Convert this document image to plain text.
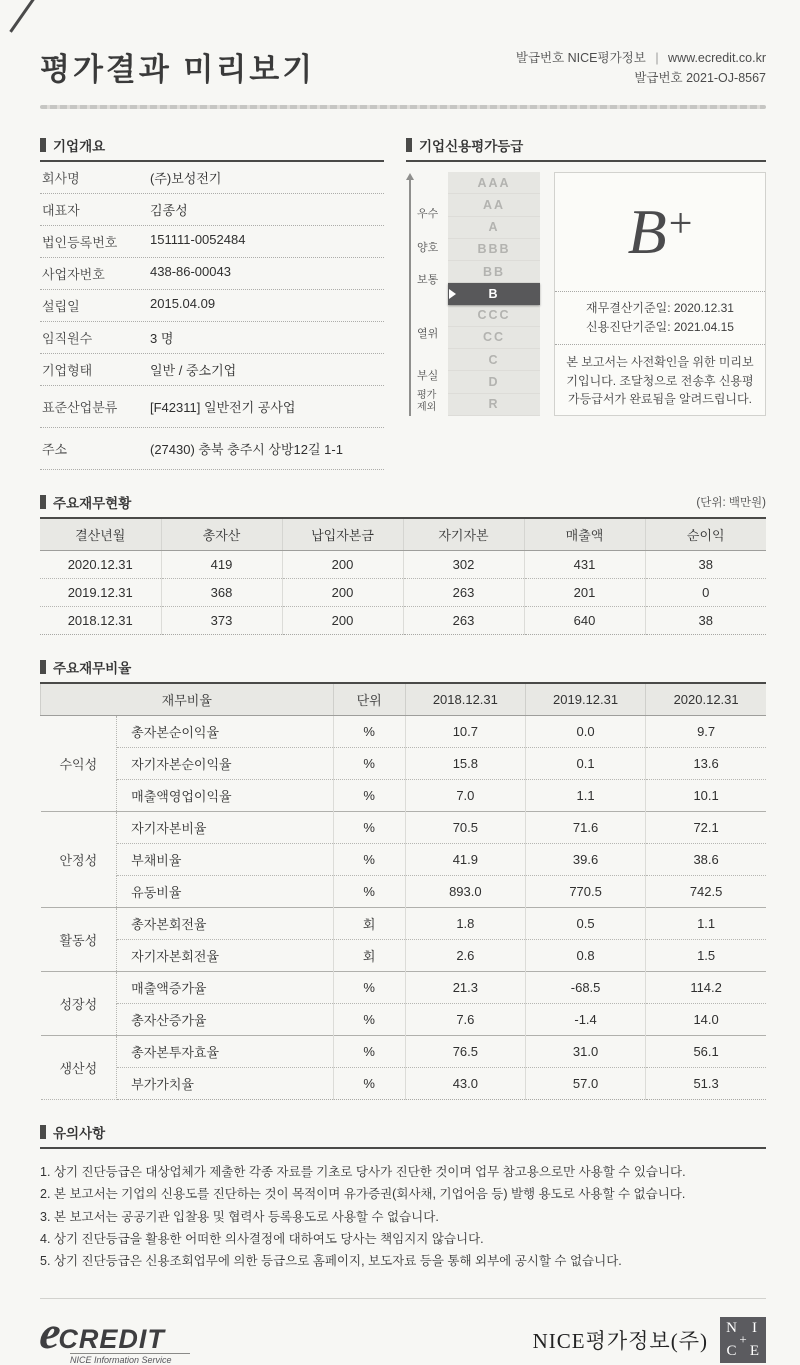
평가결과 미리보기	발급번호 NICE평가정보 | www.ecredit.co.kr
발급번호 2021-OJ-8567
기업개요
회사명	(주)보성전기
대표자	김종성
법인등록번호	151111-0052484
사업자번호	438-86-00043
설립일	2015.04.09
임직원수	3 명
기업형태	일반 / 중소기업
표준산업분류	[F42311] 일반전기 공사업
주소	(27430) 충북 충주시 상방12길 1-1
기업신용평가등급
우수
양호
보통
열위
부실
평가제외
AAA
AA
A
BBB
BB
B
CCC
CC
C
D
R
B +
재무결산기준일: 2020.12.31
신용진단기준일: 2021.04.15
본 보고서는 사전확인을 위한 미리보기입니다. 조달청으로 전송후 신용평가등급서가 완료됨을 알려드립니다.
주요재무현황	(단위: 백만원)
결산년월	총자산	납입자본금	자기자본	매출액	순이익
2020.12.31	419	200	302	431	38
2019.12.31	368	200	263	201	0
2018.12.31	373	200	263	640	38
주요재무비율
재무비율		단위	2018.12.31	2019.12.31	2020.12.31
수익성	총자본순이익율	%	10.7	0.0	9.7
	자기자본순이익율	%	15.8	0.1	13.6
	매출액영업이익율	%	7.0	1.1	10.1
안정성	자기자본비율	%	70.5	71.6	72.1
	부채비율	%	41.9	39.6	38.6
	유동비율	%	893.0	770.5	742.5
활동성	총자본회전율	회	1.8	0.5	1.1
	자기자본회전율	회	2.6	0.8	1.5
성장성	매출액증가율	%	21.3	-68.5	114.2
	총자산증가율	%	7.6	-1.4	14.0
생산성	총자본투자효율	%	76.5	31.0	56.1
	부가가치율	%	43.0	57.0	51.3
유의사항
1. 상기 진단등급은 대상업체가 제출한 각종 자료를 기초로 당사가 진단한 것이며 업무 참고용으로만 사용할 수 있습니다.
2. 본 보고서는 기업의 신용도를 진단하는 것이 목적이며 유가증권(회사채, 기업어음 등) 발행 용도로 사용할 수 없습니다.
3. 본 보고서는 공공기관 입찰용 및 협력사 등록용도로 사용할 수 없습니다.
4. 상기 진단등급을 활용한 어떠한 의사결정에 대하여도 당사는 책임지지 않습니다.
5. 상기 진단등급은 신용조회업무에 의한 등급으로 홈페이지, 보도자료 등을 통해 외부에 공시할 수 없습니다.
eCREDIT
NICE Information Service
NICE평가정보(주)
N	I
C E
+
